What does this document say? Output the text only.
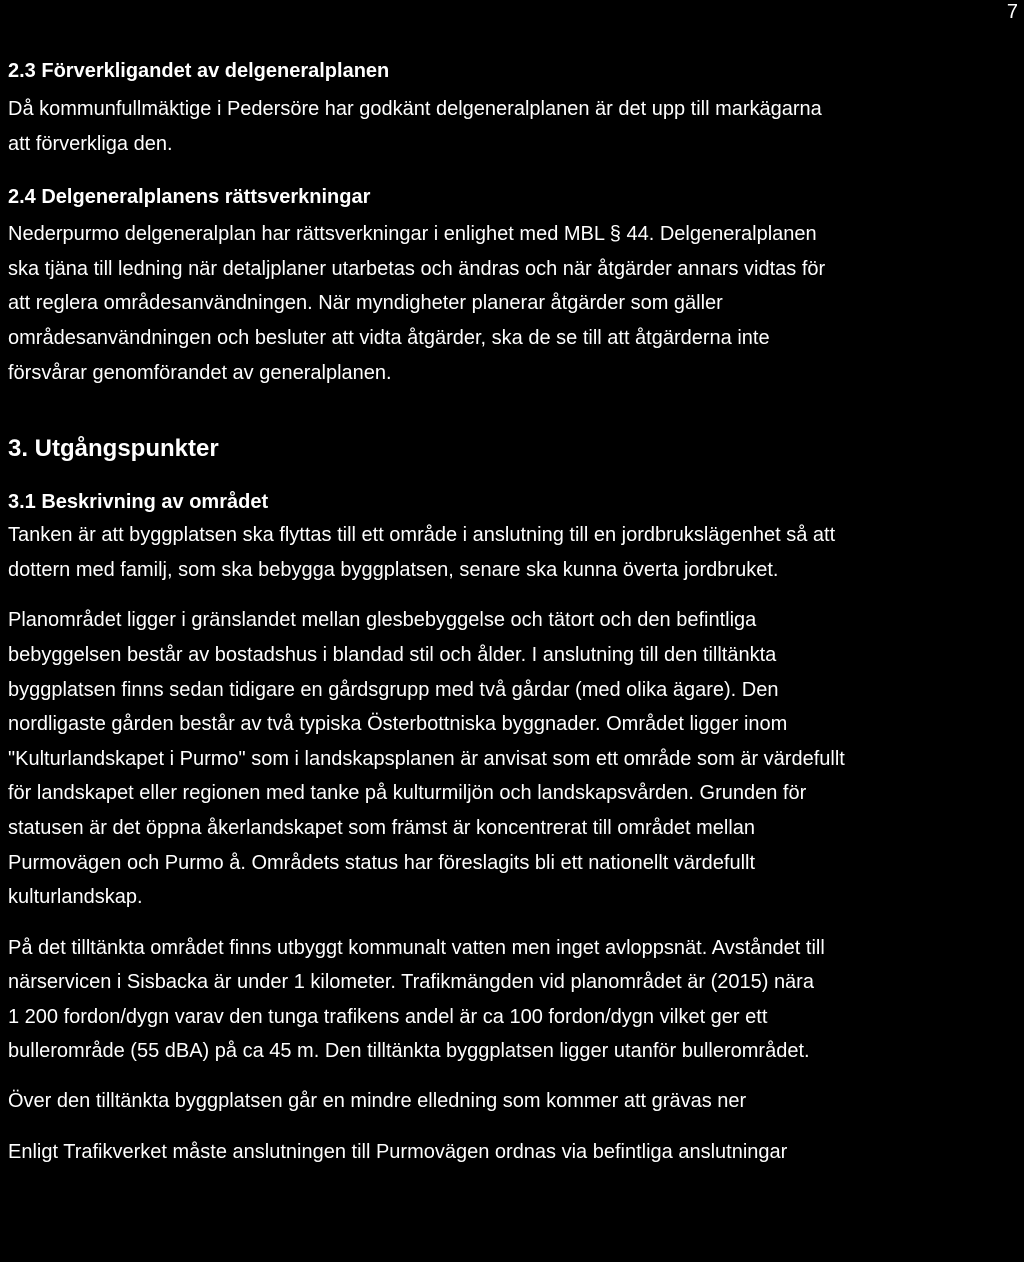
7
2.3 Förverkligandet av delgeneralplanen
Då kommunfullmäktige i Pedersöre har godkänt delgeneralplanen är det upp till markägarna
att förverkliga den.
2.4 Delgeneralplanens rättsverkningar
Nederpurmo delgeneralplan har rättsverkningar i enlighet med MBL § 44. Delgeneralplanen
ska tjäna till ledning när detaljplaner utarbetas och ändras och när åtgärder annars vidtas för
att reglera områdesanvändningen. När myndigheter planerar åtgärder som gäller
områdesanvändningen och besluter att vidta åtgärder, ska de se till att åtgärderna inte
försvårar genomförandet av generalplanen.
3. Utgångspunkter
3.1 Beskrivning av området
Tanken är att byggplatsen ska flyttas till ett område i anslutning till en jordbrukslägenhet så att
dottern med familj, som ska bebygga byggplatsen, senare ska kunna överta jordbruket.
Planområdet ligger i gränslandet mellan glesbebyggelse och tätort och den befintliga
bebyggelsen består av bostadshus i blandad stil och ålder. I anslutning till den tilltänkta
byggplatsen finns sedan tidigare en gårdsgrupp med två gårdar (med olika ägare). Den
nordligaste gården består av två typiska Österbottniska byggnader. Området ligger inom
"Kulturlandskapet i Purmo" som i landskapsplanen är anvisat som ett område som är värdefullt
för landskapet eller regionen med tanke på kulturmiljön och landskapsvården. Grunden för
statusen är det öppna åkerlandskapet som främst är koncentrerat till området mellan
Purmovägen och Purmo å. Områdets status har föreslagits bli ett nationellt värdefullt
kulturlandskap.
På det tilltänkta området finns utbyggt kommunalt vatten men inget avloppsnät. Avståndet till
närservicen i Sisbacka är under 1 kilometer. Trafikmängden vid planområdet är (2015) nära
1 200 fordon/dygn varav den tunga trafikens andel är ca 100 fordon/dygn vilket ger ett
bullerområde (55 dBA) på ca 45 m. Den tilltänkta byggplatsen ligger utanför bullerområdet.
Över den tilltänkta byggplatsen går en mindre elledning som kommer att grävas ner
Enligt Trafikverket måste anslutningen till Purmovägen ordnas via befintliga anslutningar
